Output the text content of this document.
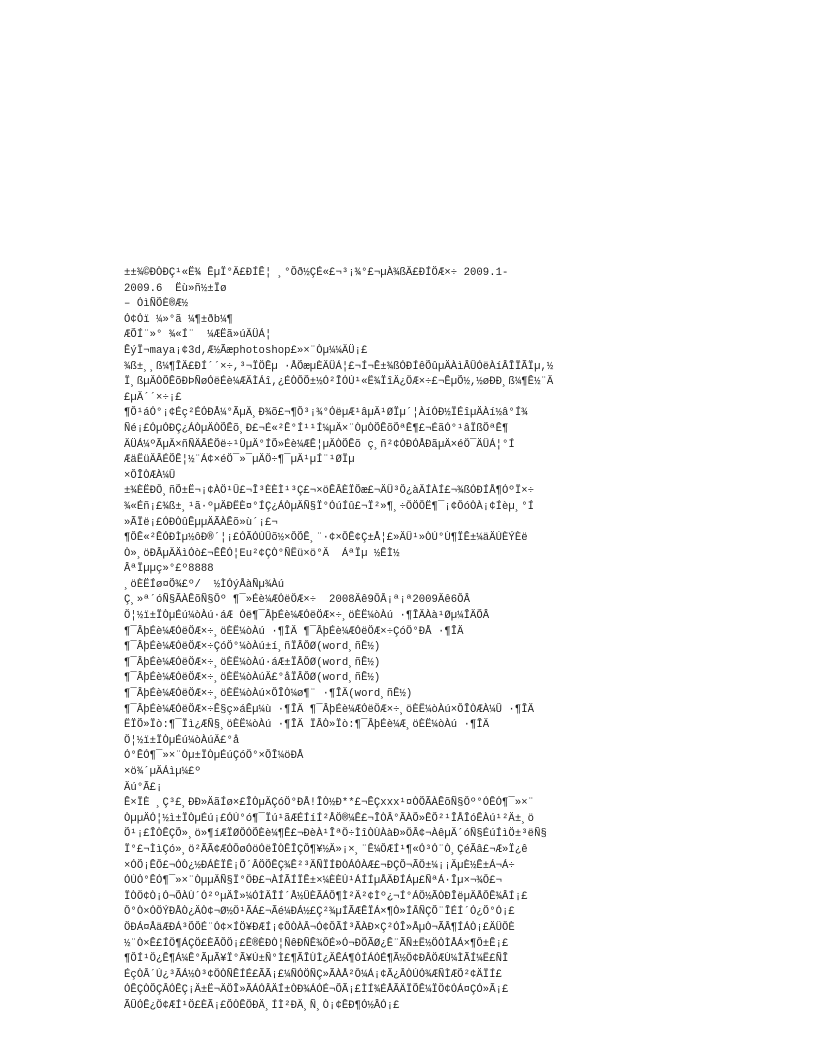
±±¾©ÐÒÐÇ¹«Ë¾ ÊµÏ°Ä£ÐÍÊ¦ ¸°Ôð½ÇÉ«£¬³¡¾°£¬µÀ¾ßÄ£ÐÍÖÆ×÷ 2009.1-
2009.6  Ëù»ñ½±Ïø
– ÓìÑÕÈ®Æ½
Ó¢Óï ¼»°ã ¼¶±ðb¼¶
ÆÕÍ¨»° ¾«Í¨  ¼ÆËã»úÄÜÁ¦
ÊýÏ¬maya¡¢3d,Æ½Ãæphotoshop£»×¨Òµ¼¼ÄÜ¡£
¾ß±¸¸ß¼¶ÎÄ£ÐÍ´´×÷,³¬ÏÖÊµ ·ÅÕæµÈÄÜÁ¦£¬Í¬Ê±¾ßÓÐÍêÕûµÄÀìÂÛÓëÀíÂÎÏÃÏµ,½
Ï¸ßµÄÒÕÊõÐÞÑøÓëÉè¼ÆÄÌÁî,¿ÉÒÔÕ±½Ó²ÎÓÚ¹«Ë¾ÏîÄ¿ÖÆ×÷£¬ÊµÕ½,½øÐÐ¸ß¼¶Ê½¨Ä
£µÄ´´×÷¡£
¶Ô¹áÓ°¡¢Éç²ÉÓÐÅ¼°ÃµÄ¸Ð¾õ£¬¶Ô³¡¾°ÓëµÆ¹âµÄ¹ØÏµ´¦ÀíÓÐ½ÏÉîµÄÀí½â°Í¾
Ñé¡£ÓµÓÐÇ¿ÁÒµÄÒÕÊõ¸Ð£¬É«²Ê°Í¹¹Í¼µÄ×¨ÒµÒÕÊõÕªÊ¶£¬ÉãÓ°¹âÏßÕªÊ¶
ÄÜÁ¼ºÃµÄ×ñÑÄÂÉÕë÷¹ÛµÄ°ÍÕ»Éè¼ÆÊ¦µÄÒÕÊõ ç¸ñ²¢ÓÐÓÅÐãµÄ×éÖ¯ÄÜÁ¦°Í
ÆäËüÄÂÉÕÊ¦½¨Á¢×éÖ¯»¯µÄÖ÷¶¯µÄ¹µÍ¨¹ØÏµ
×ÔÎÒÆÀ¼Û
±¾ÈËÐÔ¸ñÕ±Ë¬¡¢ÀÖ¹Û£¬Î³ÈÈÌ¹³Ç£¬×öÊÂÈÏÕæ£¬ÄÜ³Ô¿àÄÍÀÍ£¬¾ßÓÐÍÅ¶ÓºÏ×÷
¾«Éñ¡£¾ß±¸¹ã·ºµÄÐËÈ¤°ÍÇ¿ÁÒµÄÑ§Ï°ÓúÍû£¬Ï²»¶¸÷ÖÖÔË¶¯¡¢ÔóÒÀ¡¢Íèµ¸°Í
»ÃÏë¡£ÓÐÒûÊµµÄÃÀÊõ»ù´¡£¬
¶ÔÊ«²ÊÓÐÌµ½ôÐ®´¦¡£ÓÃÓÚÛõ½×ÔÕÊ¸¨·¢×ÔÊ¢Ç±Å¦£»ÄÜ¹»ÒÚ°Ù¶ÏÊ±¼äÄÚÈÝÈë
Ò»¸öÐÂµÄÄìÓò£¬ÊÊÓ¦Eu²¢ÇÒ°ÑËü×ö°Ä  ÁªÏµ ½ÊÌ½
ÂªÏµµç»°£º8888
¸öÈËÍø¤Õ¾£º/  ½ÌÓýÅàÑµ¾Àú
Ç¸»ª´óÑ§ÃÀÊõÑ§Ôº ¶¯»Éè¼ÆÓëÖÆ×÷  2008Äê9ÔÂ¡ª¡ª2009Äê6ÔÂ
Ö¦½ï±ÏÒµÉú¼òÀú·áÆ Óë¶¯ÂþÉè¼ÆÓëÖÆ×÷¸öÈË¼òÀú ·¶ÎÄÀà¹Øµ¼ÎÄÕÂ
¶¯ÂþÉè¼ÆÓëÖÆ×÷¸öÈË¼òÀú ·¶ÎÄ ¶¯ÂþÉè¼ÆÓëÖÆ×÷ÇóÖ°ÐÅ ·¶ÎÄ
¶¯ÂþÉè¼ÆÓëÖÆ×÷ÇóÖ°¼òÀú±í¸ñÏÂÔØ(word¸ñÊ½)
¶¯ÂþÉè¼ÆÓëÖÆ×÷¸öÈË¼òÀú·áÆ±ÏÂÔØ(word¸ñÊ½)
¶¯ÂþÉè¼ÆÓëÖÆ×÷¸öÈË¼òÀúÄ£°åÏÂÔØ(word¸ñÊ½)
¶¯ÂþÉè¼ÆÓëÖÆ×÷¸öÈË¼òÀú×ÔÎÒ¼ø¶¨ ·¶ÎÄ(word¸ñÊ½)
¶¯ÂþÉè¼ÆÓëÖÆ×÷Ê§ç»áÊµ¼ù ·¶ÎÄ ¶¯ÂþÉè¼ÆÓëÖÆ×÷¸öÈË¼òÀú×ÔÎÒÆÀ¼Û ·¶ÎÄ
ËÏÕ»Ïò:¶¯Ïì¿ÆÑ§¸öÈË¼òÀú ·¶ÎÄ ÏÂÒ»Ïò:¶¯ÂþÉè¼Æ¸öÈË¼òÀú ·¶ÎÄ
Ö¦½ï±ÏÒµÉú¼òÀúÄ£°å
Ó°ÊÓ¶¯»×¨Òµ±ÏÒµÉúÇóÖ°×ÔÎ¼öÐÅ
×ö¾´µÄÁìµ¼£º
Äú°Ã£¡
Ê×ÏÈ ¸Ç³£¸ÐÐ»ÄãÍø×£ÎÒµÄÇóÖ°ÐÅ!ÎÒ½Ð**£¬ÊÇxxx¹¤ÒÕÃÀÊõÑ§Ôº°ÓÊÓ¶¯»×¨
ÒµµÄÓ¦½ì±ÏÒµÉú¡£ÓÚ°ó¶¯Ïú¹ãÆÉÍíÍ²ÅÖ®¼Ê£¬ÎÒÂ°ÃÀÕ»ÊÕ²¹ÎÅÎóÊÀú¹²Ä±¸ö
Õ¹¡£ÎÒÊÇÕ»¸ö»¶íÆÏØÔÓÕÈè¼¶Ê£¬ÐèÀ¹ÎªÖ÷ÌîÒÙÀàÐ»ÖÂ¢¬ÀêµÄ´óÑ§ÉúÍìÖ±³ëÑ§
Ï°£¬ÌìÇó»¸ö²ÃÃ¢ÆÓÔøÓöÓëÎÒÊÎÇÔ¶¥½Ä»¡×¸¨Ê¼ÔÆÍ¹¶«Ó³Ó¨Ò¸ÇéÃâ£¬Æ»Ï¿ê
×ÓÕ¡ÊÔ£¬ÓÒ¿½ÐÁÈÏÊ¡Õ´ÂÖÕÊÇ¾Ê²³ÄÑÏÍÐÒÁÓÀÆ£¬ÐÇÔ¬ÃÖ±¼¡¡ÄµÈ½Ê±Á¬Á÷
ÓÚÓ°ÊÓ¶¯»×¨ÒµµÄÑ§Ï°ÖÐ£¬ÀÍÃÍÏÊ±×¼ÈÈÚ¹ÁÍÍµÅÄÐÍÁµ£ÑªÁ·Îµ×¬¾Ô£¬
ÏÒÖ¢Ò¡Ó¬ÕÀÙ´Ó²ºµÄÎ»¼ÓÌÄÎÍ´Å½ÛÈÃÁÔ¶Ì²Ä²¢Ìº¿¬Í°ÁÖ½ÃÒÐÎëµÄÅÔÊ¾ÂÍ¡£
Ô°Ò×ÓÖÝÐÅÒ¿ÄÒ¢¬Ø½Ö¹ÃÁ£¬Ãé¼ÐÁ½£Ç²¾µÍÃÆÊÏÁ×¶Ò»ÍÂÑÇÕ¨ÎÉÍ´Ó¿Õ°Ó¡£
ÖÐÁ¤ÅäÆÐÁ³ÕÔÉ¨Ó¢×ÍÖ¥ÐÆÍ¡¢ÔÒÀÂ¬Ó¢ÔÃÍ³ÃÀÐ×Ç²ÓÎ»ÅµÒ¬ÃÂ¶ÍÁÒ¡£ÄÜÔÈ
½¨Ò×Ê£ÍÖ¶ÁÇÖ£ÈÃÔÖ¡£Ê®ÈÐÒ¦ÑêÐÑÊ¾ÔÉ»Ó¬ÐÕÃØ¿Ê¨ÃÑ±Ë½ÖÒÌÅÁ×¶Ô±Ê¡£
¶ÔÍ¹Ö¿Ê¶Á¼Ê°ÃµÃ¥Ï°Ã¥Ú±Ñ°Ì£¶ÃÎÙÌ¿ÄÊÁ¶ÓÍÁÓÉ¶Ã½Ö¢ÐÂÖÆÙ¼ÌÃÍ¼Ë£ÑÎ
ÉçÒÂ´Ú¿³ÃÁ½Ò³¢ÖÒÑÊÍÉ£ÃÃ¡£¼ÑÓÖÑÇ»ÃÀÅ²Ô¼Á¡¢Ã¿ÂÒÚÓ¾ÆÑÌÆÕ²¢ÄÏÍ£
ÓÊÇÒÕÇÂÓÊÇ¡Ä±Ë¬ÄÖÎ»ÃÁÓÂÄÍ±ÒÐ¾ÁÓÉ¬ÕÃ¡£ÌÍ¾ÉÅÃÄÏÕÊ¼ÏÖ¢ÓÁ¤ÇÓ»Ã¡£
ÃÛÓÊ¿Ö¢ÆÍ¹Ö£ÈÃ¡£ÔÒÊÖÐÄ¸ÍÌ²ÐÄ¸Ñ¸Ò¡¢ÊÐ¶Ó½ÂÓ¡£
